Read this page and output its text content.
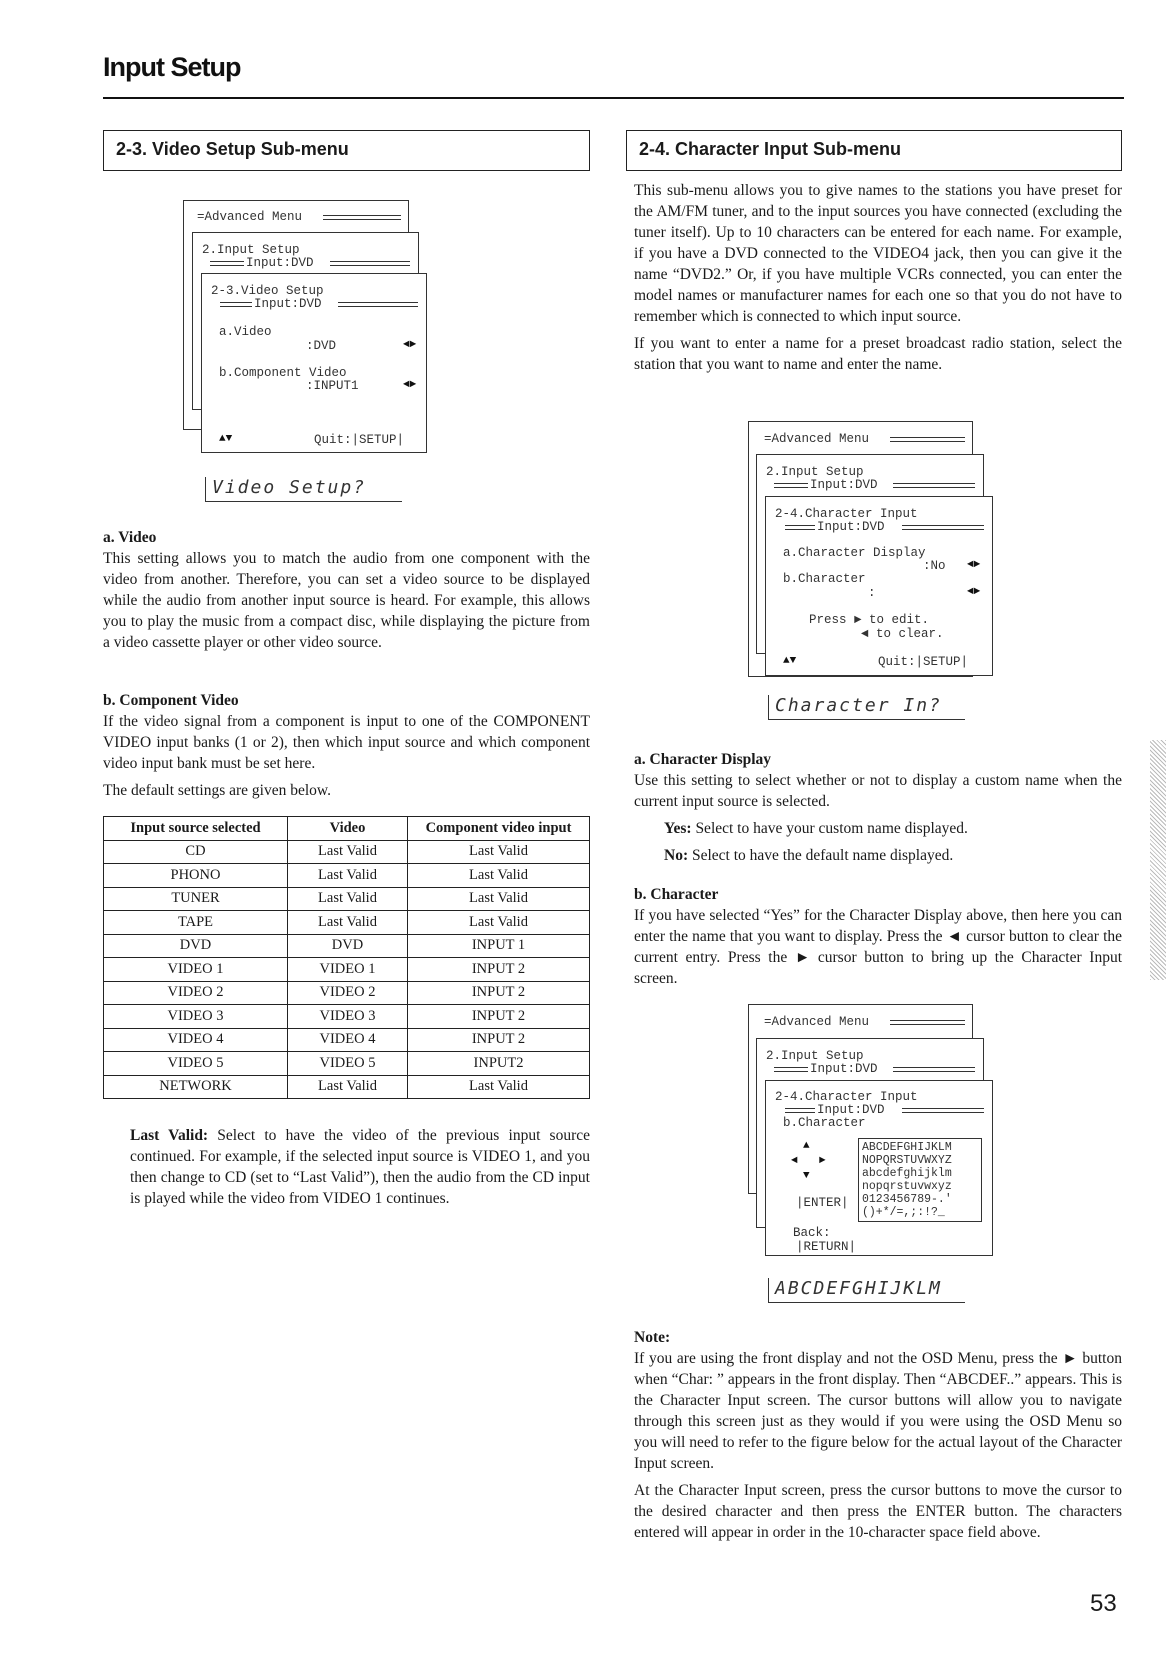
Input Setup
2-3. Video Setup Sub-menu
=Advanced Menu
2.Input Setup
Input:DVD
2-3.Video Setup
Input:DVD
a.Video
:DVD	◄►
b.Component Video
:INPUT1	◄►
▲▼	Quit:|SETUP|
Video Setup?
a. Video

This setting allows you to match the audio from one component with the video from another. Therefore, you can set a video source to be displayed while the audio from another input source is heard. For example, this allows you to play the music from a compact disc, while displaying the picture from a video cassette player or other video source.

b. Component Video

If the video signal from a component is input to one of the COMPONENT VIDEO input banks (1 or 2), then which input source and which component video input bank must be set here.

The default settings are given below.

Input source selected	Video	Component video input
CD	Last Valid	Last Valid
PHONO	Last Valid	Last Valid
TUNER	Last Valid	Last Valid
TAPE	Last Valid	Last Valid
DVD	DVD	INPUT 1
VIDEO 1	VIDEO 1	INPUT 2
VIDEO 2	VIDEO 2	INPUT 2
VIDEO 3	VIDEO 3	INPUT 2
VIDEO 4	VIDEO 4	INPUT 2
VIDEO 5	VIDEO 5	INPUT2
NETWORK	Last Valid	Last Valid

Last Valid: Select to have the video of the previous input source continued. For example, if the selected input source is VIDEO 1, and you then change to CD (set to “Last Valid”), then the audio from the CD input is played while the video from VIDEO 1 continues.

2-4. Character Input Sub-menu

This sub-menu allows you to give names to the stations you have preset for the AM/FM tuner, and to the input sources you have connected (excluding the tuner itself). Up to 10 characters can be entered for each name. For example, if you have a DVD connected to the VIDEO4 jack, then you can give it the name “DVD2.” Or, if you have multiple VCRs connected, you can enter the model names or manufacturer names for each one so that you do not have to remember which is connected to which input source.

If you want to enter a name for a preset broadcast radio station, select the station that you want to name and enter the name.

=Advanced Menu
2.Input Setup
Input:DVD
2-4.Character Input
Input:DVD
a.Character Display
:No ◄►
b.Character
:	◄►
Press ► to edit.
◄ to clear.
▲▼	Quit:|SETUP|
Character In?
a. Character Display

Use this setting to select whether or not to display a custom name when the current input source is selected.

Yes: Select to have your custom name displayed.

No: Select to have the default name displayed.

b. Character

If you have selected “Yes” for the Character Display above, then here you can enter the name that you want to display. Press the ◄ cursor button to clear the current entry. Press the ► cursor button to bring up the Character Input screen.

=Advanced Menu
2.Input Setup
Input:DVD
2-4.Character Input
Input:DVD
b.Character
▲
◄ ►
▼
|ENTER|
Back:
|RETURN|
ABCDEFGHIJKLM
NOPQRSTUVWXYZ
abcdefghijklm
nopqrstuvwxyz
0123456789-.'
()+*/=,;:!?_
ABCDEFGHIJKLM
Note:

If you are using the front display and not the OSD Menu, press the ► button when “Char: ” appears in the front display. Then “ABCDEF..” appears. This is the Character Input screen. The cursor buttons will allow you to navigate through this screen just as they would if you were using the OSD Menu so you will need to refer to the figure below for the actual layout of the Character Input screen.

At the Character Input screen, press the cursor buttons to move the cursor to the desired character and then press the ENTER button. The characters entered will appear in order in the 10-character space field above.

53
